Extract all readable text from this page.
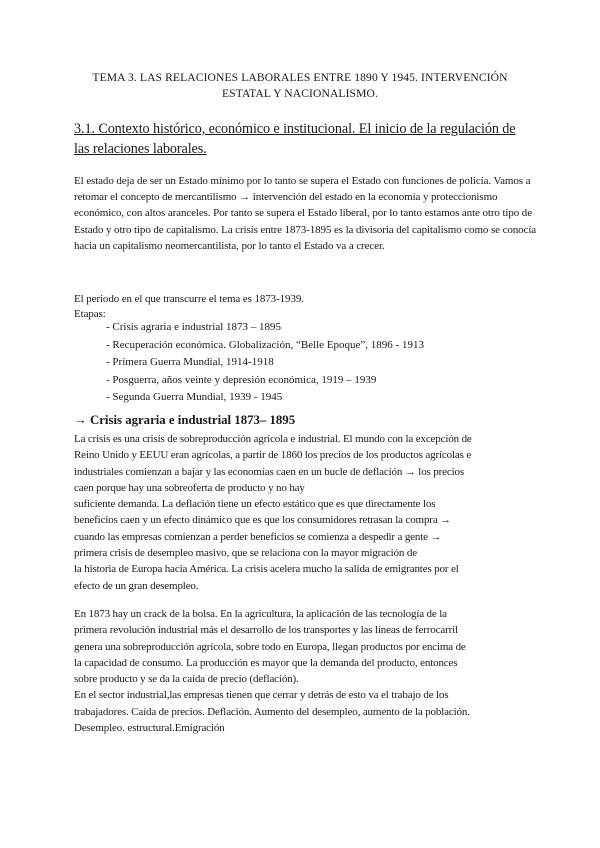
TEMA 3. LAS RELACIONES LABORALES ENTRE 1890 Y 1945. INTERVENCIÓN
ESTATAL Y NACIONALISMO.
3.1. Contexto histórico, económico e institucional. El inicio de la regulación de las relaciones laborales.
El estado deja de ser un Estado mínimo por lo tanto se supera el Estado con funciones de policía. Vamos a retomar el concepto de mercantilismo → intervención del estado en la economía y proteccionismo económico, con altos aranceles. Por tanto se supera el Estado liberal, por lo tanto estamos ante otro tipo de Estado y otro tipo de capitalismo. La crisis entre 1873-1895 es la divisoria del capitalismo como se conocía hacia un capitalismo neomercantilista, por lo tanto el Estado va a crecer.
El periodo en el que transcurre el tema es 1873-1939.
Etapas:
- Crisis agraria e industrial 1873 – 1895
- Recuperación económica. Globalización, “Belle Epoque”, 1896 - 1913
- Primera Guerra Mundial, 1914-1918
- Posguerra, años veinte y depresión económica, 1919 – 1939
- Segunda Guerra Mundial, 1939 - 1945
→ Crisis agraria e industrial 1873– 1895
La crisis es una crisis de sobreproducción agrícola e industrial. El mundo con la excepción de
Reino Unido y EEUU eran agrícolas, a partir de 1860 los precios de los productos agrícolas e
industriales comienzan a bajar y las economías caen en un bucle de deflación → los precios
caen porque hay una sobreoferta de producto y no hay
suficiente demanda. La deflación tiene un efecto estático que es que directamente los
beneficios caen y un efecto dinámico que es que los consumidores retrasan la compra →
cuando las empresas comienzan a perder beneficios se comienza a despedir a gente →
primera crisis de desempleo masivo, que se relaciona con la mayor migración de
la historia de Europa hacia América. La crisis acelera mucho la salida de emigrantes por el
efecto de un gran desempleo.
En 1873 hay un crack de la bolsa. En la agricultura, la aplicación de las tecnología de la
primera revolución industrial más el desarrollo de los transportes y las líneas de ferrocarril
genera una sobreproducción agrícola, sobre todo en Europa, llegan productos por encima de
la capacidad de consumo. La producción es mayor que la demanda del producto, entonces
sobre producto y se da la caída de precio (deflación).
En el sector industrial,las empresas tienen que cerrar y detrás de esto va el trabajo de los
trabajadores. Caída de precios. Deflación. Aumento del desempleo, aumento de la población.
Desempleo. estructural.Emigración
